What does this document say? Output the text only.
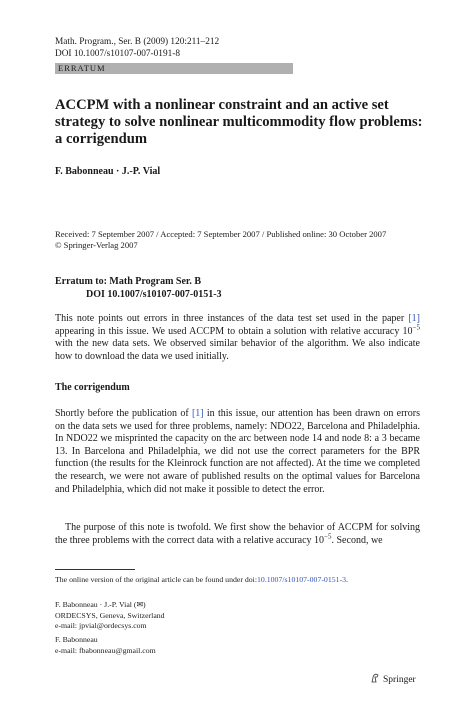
Math. Program., Ser. B (2009) 120:211–212
DOI 10.1007/s10107-007-0191-8
ERRATUM
ACCPM with a nonlinear constraint and an active set strategy to solve nonlinear multicommodity flow problems: a corrigendum
F. Babonneau · J.-P. Vial
Received: 7 September 2007 / Accepted: 7 September 2007 / Published online: 30 October 2007
© Springer-Verlag 2007
Erratum to: Math Program Ser. B
DOI 10.1007/s10107-007-0151-3
This note points out errors in three instances of the data test set used in the paper [1] appearing in this issue. We used ACCPM to obtain a solution with relative accuracy $10^{-5}$ with the new data sets. We observed similar behavior of the algorithm. We also indicate how to download the data we used initially.
The corrigendum
Shortly before the publication of [1] in this issue, our attention has been drawn on errors on the data sets we used for three problems, namely: NDO22, Barcelona and Philadelphia. In NDO22 we misprinted the capacity on the arc between node 14 and node 8: a 3 became 13. In Barcelona and Philadelphia, we did not use the correct parameters for the BPR function (the results for the Kleinrock function are not affected). At the time we completed the research, we were not aware of published results on the optimal values for Barcelona and Philadelphia, which did not make it possible to detect the error.
The purpose of this note is twofold. We first show the behavior of ACCPM for solving the three problems with the correct data with a relative accuracy $10^{-5}$. Second, we
The online version of the original article can be found under doi:10.1007/s10107-007-0151-3.
F. Babonneau · J.-P. Vial (✉)
ORDECSYS, Geneva, Switzerland
e-mail: jpvial@ordecsys.com
F. Babonneau
e-mail: fbabonneau@gmail.com
Springer
